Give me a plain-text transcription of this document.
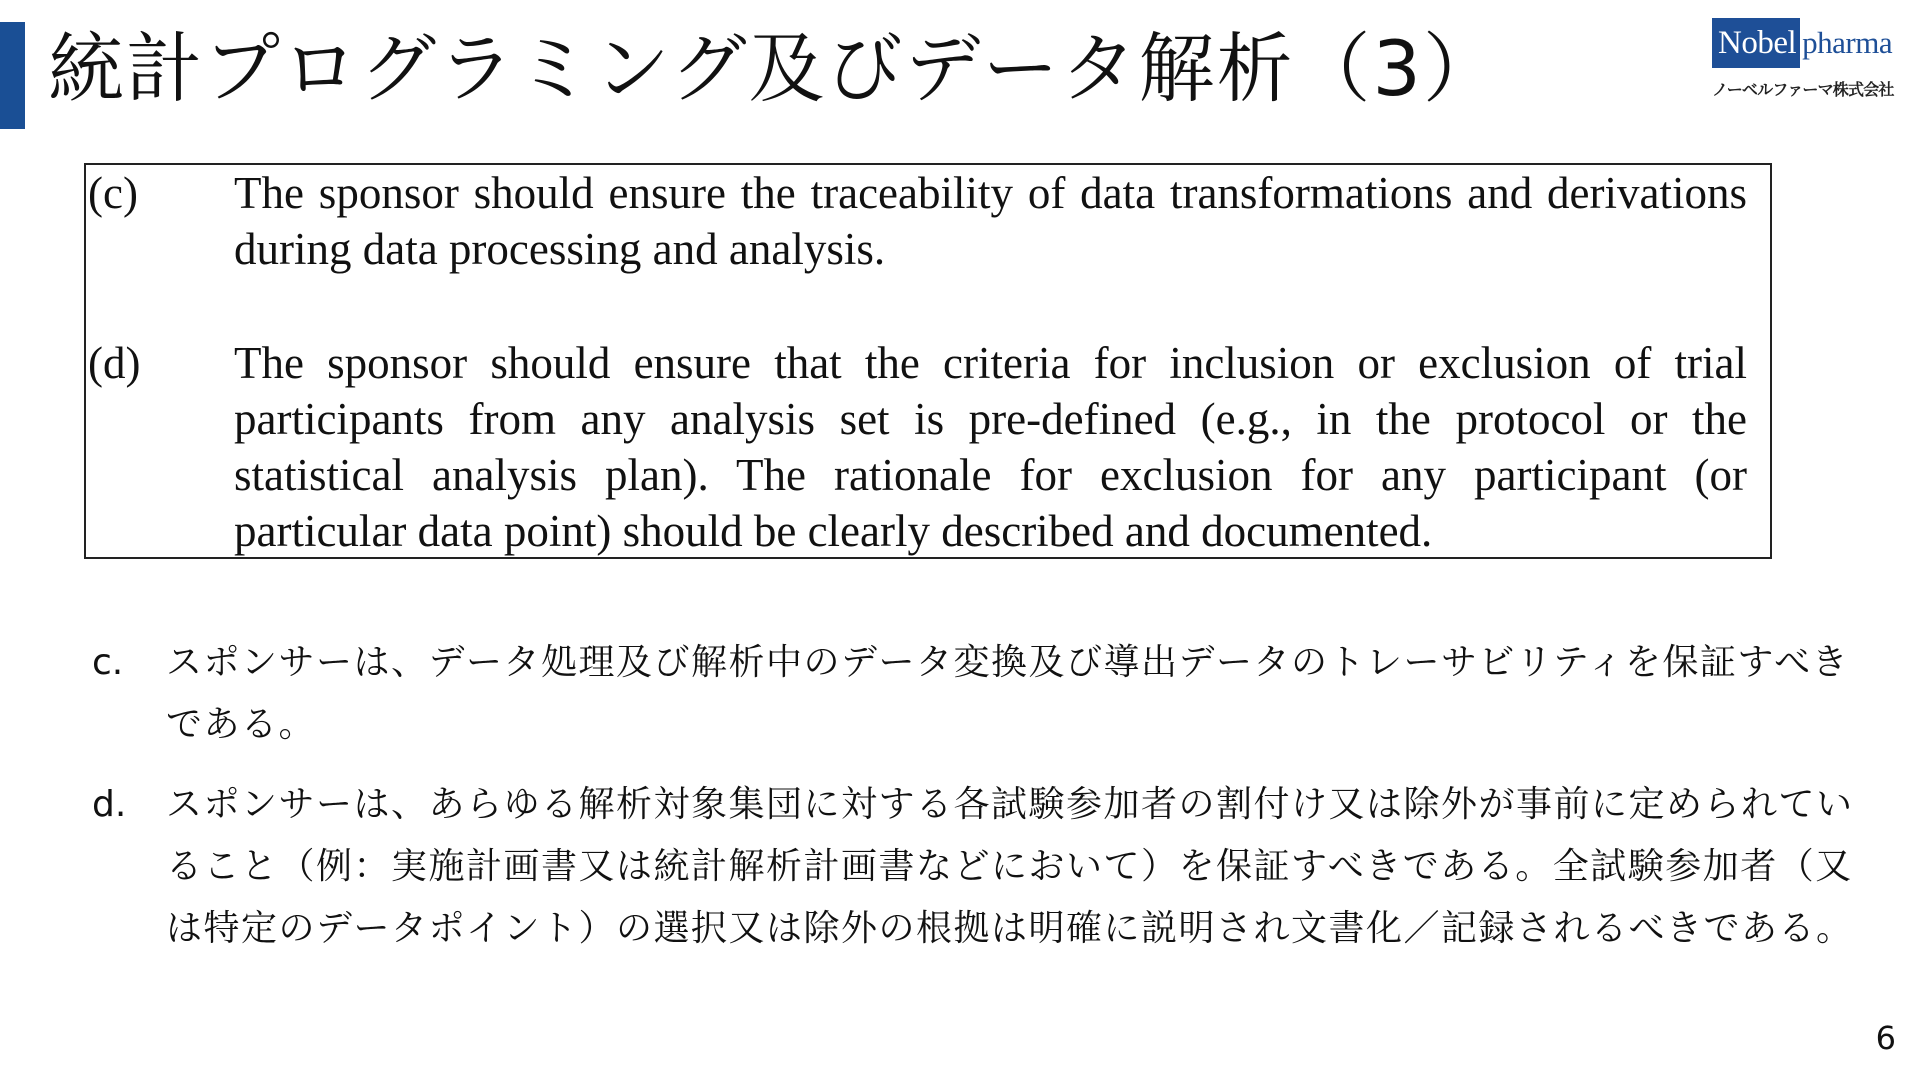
統計プログラミング及びデータ解析（3）	Nobel pharma
ノーベルファーマ株式会社
(c) The sponsor should ensure the traceability of data transformations and derivations during data processing and analysis.

(d) The sponsor should ensure that the criteria for inclusion or exclusion of trial participants from any analysis set is pre-defined (e.g., in the protocol or the statistical analysis plan). The rationale for exclusion for any participant (or particular data point) should be clearly described and documented.

c. スポンサーは、データ処理及び解析中のデータ変換及び導出データのトレーサビリティを保証すべきである。

d. スポンサーは、あらゆる解析対象集団に対する各試験参加者の割付け又は除外が事前に定められていること（例：実施計画書又は統計解析計画書などにおいて）を保証すべきである。全試験参加者（又は特定のデータポイント）の選択又は除外の根拠は明確に説明され文書化／記録されるべきである。

6
